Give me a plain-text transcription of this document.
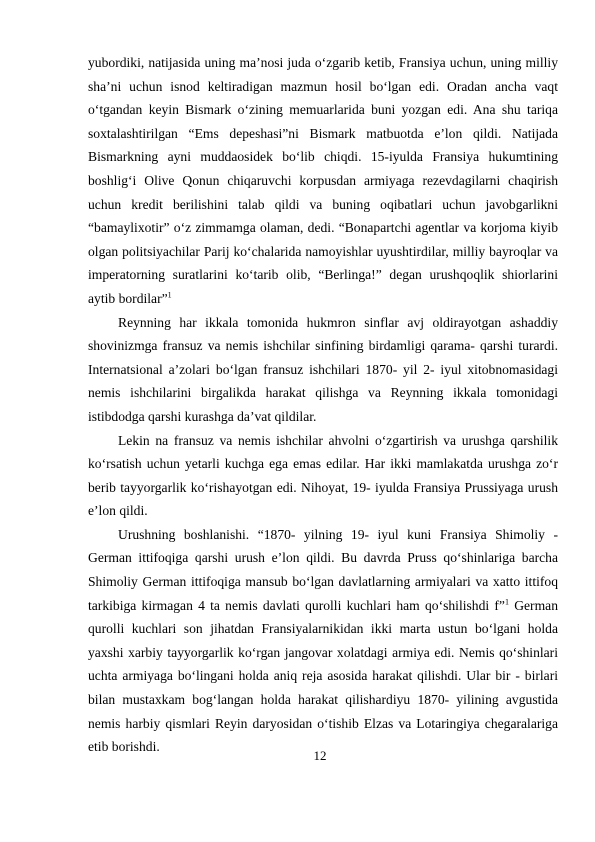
yubordiki, natijasida uning ma’nosi juda o‘zgarib ketib, Fransiya uchun, uning milliy sha’ni uchun isnod keltiradigan mazmun hosil bo‘lgan edi. Oradan ancha vaqt o‘tgandan keyin Bismark o‘zining memuarlarida buni yozgan edi. Ana shu tariqa soxtalashtirilgan “Ems depeshasi”ni Bismark matbuotda e’lon qildi. Natijada Bismarkning ayni muddaosidek bo‘lib chiqdi. 15-iyulda Fransiya hukumtining boshlig‘i Olive Qonun chiqaruvchi korpusdan armiyaga rezevdagilarni chaqirish uchun kredit berilishini talab qildi va buning oqibatlari uchun javobgarlikni “bamaylixotir” o‘z zimmamga olaman, dedi. “Bonapartchi agentlar va korjoma kiyib olgan politsiyachilar Parij ko‘chalarida namoyishlar uyushtirdilar, milliy bayroqlar va imperatorning suratlarini ko‘tarib olib, “Berlinga!” degan urushqoqlik shiorlarini aytib bordilar”$^1$

Reynning har ikkala tomonida hukmron sinflar avj oldirayotgan ashaddiy shovinizmga fransuz va nemis ishchilar sinfining birdamligi qarama- qarshi turardi. Internatsional a’zolari bo‘lgan fransuz ishchilari 1870- yil 2- iyul xitobnomasidagi nemis ishchilarini birgalikda harakat qilishga va Reynning ikkala tomonidagi istibdodga qarshi kurashga da’vat qildilar.

Lekin na fransuz va nemis ishchilar ahvolni o‘zgartirish va urushga qarshilik ko‘rsatish uchun yetarli kuchga ega emas edilar. Har ikki mamlakatda urushga zo‘r berib tayyorgarlik ko‘rishayotgan edi. Nihoyat, 19- iyulda Fransiya Prussiyaga urush e’lon qildi.

Urushning boshlanishi. “1870- yilning 19- iyul kuni Fransiya Shimoliy - German ittifoqiga qarshi urush e’lon qildi. Bu davrda Pruss qo‘shinlariga barcha Shimoliy German ittifoqiga mansub bo‘lgan davlatlarning armiyalari va xatto ittifoq tarkibiga kirmagan 4 ta nemis davlati qurolli kuchlari ham qo‘shilishdi f”$^1$ German qurolli kuchlari son jihatdan Fransiyalarnikidan ikki marta ustun bo‘lgani holda yaxshi xarbiy tayyorgarlik ko‘rgan jangovar xolatdagi armiya edi. Nemis qo‘shinlari uchta armiyaga bo‘lingani holda aniq reja asosida harakat qilishdi. Ular bir - birlari bilan mustaxkam bog‘langan holda harakat qilishardiyu 1870- yilining avgustida nemis harbiy qismlari Reyin daryosidan o‘tishib Elzas va Lotaringiya chegaralariga etib borishdi.

12
